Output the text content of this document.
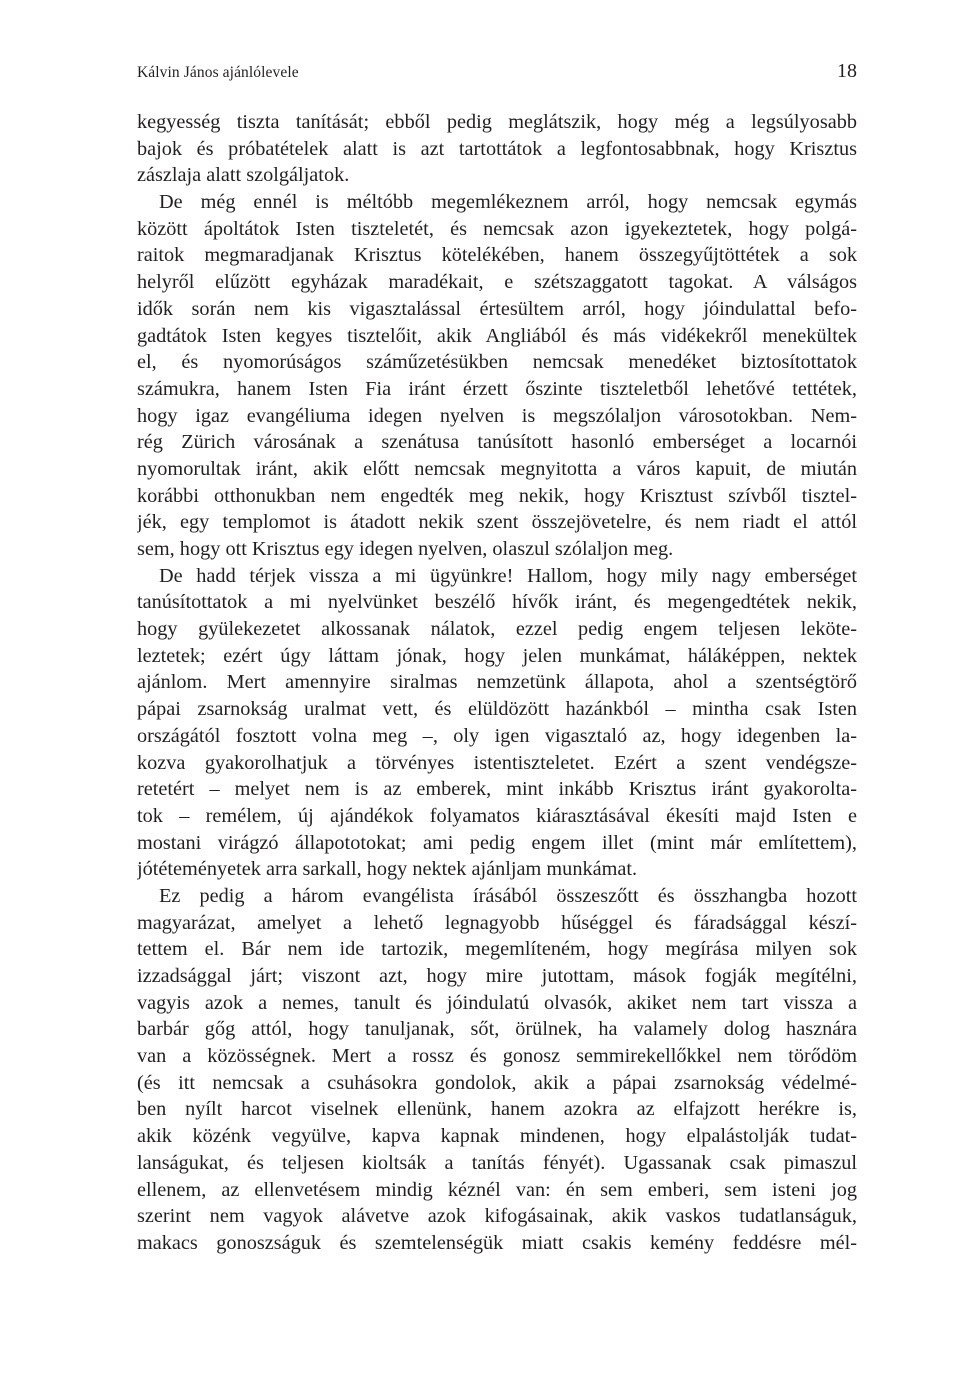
Kálvin János ajánlólevele	18
kegyesség tiszta tanítását; ebből pedig meglátszik, hogy még a legsúlyosabb
bajok és próbatételek alatt is azt tartottátok a legfontosabbnak, hogy Krisztus
zászlaja alatt szolgáljatok.
De még ennél is méltóbb megemlékeznem arról, hogy nemcsak egymás
között ápoltátok Isten tiszteletét, és nemcsak azon igyekeztetek, hogy polgá-
raitok megmaradjanak Krisztus kötelékében, hanem összegyűjtöttétek a sok
helyről elűzött egyházak maradékait, e szétszaggatott tagokat. A válságos
idők során nem kis vigasztalással értesültem arról, hogy jóindulattal befo-
gadtátok Isten kegyes tisztelőit, akik Angliából és más vidékekről menekültek
el, és nyomorúságos száműzetésükben nemcsak menedéket biztosítottatok
számukra, hanem Isten Fia iránt érzett őszinte tiszteletből lehetővé tettétek,
hogy igaz evangéliuma idegen nyelven is megszólaljon városotokban. Nem-
rég Zürich városának a szenátusa tanúsított hasonló emberséget a locarnói
nyomorultak iránt, akik előtt nemcsak megnyitotta a város kapuit, de miután
korábbi otthonukban nem engedték meg nekik, hogy Krisztust szívből tisztel-
jék, egy templomot is átadott nekik szent összejövetelre, és nem riadt el attól
sem, hogy ott Krisztus egy idegen nyelven, olaszul szólaljon meg.
De hadd térjek vissza a mi ügyünkre! Hallom, hogy mily nagy emberséget
tanúsítottatok a mi nyelvünket beszélő hívők iránt, és megengedtétek nekik,
hogy gyülekezetet alkossanak nálatok, ezzel pedig engem teljesen leköte-
leztetek; ezért úgy láttam jónak, hogy jelen munkámat, háláképpen, nektek
ajánlom. Mert amennyire siralmas nemzetünk állapota, ahol a szentségtörő
pápai zsarnokság uralmat vett, és elüldözött hazánkból – mintha csak Isten
országától fosztott volna meg –, oly igen vigasztaló az, hogy idegenben la-
kozva gyakorolhatjuk a törvényes istentiszteletet. Ezért a szent vendégsze-
retetért – melyet nem is az emberek, mint inkább Krisztus iránt gyakorolta-
tok – remélem, új ajándékok folyamatos kiárasztásával ékesíti majd Isten e
mostani virágzó állapototokat; ami pedig engem illet (mint már említettem),
jótéteményetek arra sarkall, hogy nektek ajánljam munkámat.
Ez pedig a három evangélista írásából összeszőtt és összhangba hozott
magyarázat, amelyet a lehető legnagyobb hűséggel és fáradsággal készí-
tettem el. Bár nem ide tartozik, megemlíteném, hogy megírása milyen sok
izzadsággal járt; viszont azt, hogy mire jutottam, mások fogják megítélni,
vagyis azok a nemes, tanult és jóindulatú olvasók, akiket nem tart vissza a
barbár gőg attól, hogy tanuljanak, sőt, örülnek, ha valamely dolog hasznára
van a közösségnek. Mert a rossz és gonosz semmirekellőkkel nem törődöm
(és itt nemcsak a csuhásokra gondolok, akik a pápai zsarnokság védelmé-
ben nyílt harcot viselnek ellenünk, hanem azokra az elfajzott herékre is,
akik közénk vegyülve, kapva kapnak mindenen, hogy elpalástolják tudat-
lanságukat, és teljesen kioltsák a tanítás fényét). Ugassanak csak pimaszul
ellenem, az ellenvetésem mindig kéznél van: én sem emberi, sem isteni jog
szerint nem vagyok alávetve azok kifogásainak, akik vaskos tudatlanságuk,
makacs gonoszságuk és szemtelenségük miatt csakis kemény feddésre mél-
